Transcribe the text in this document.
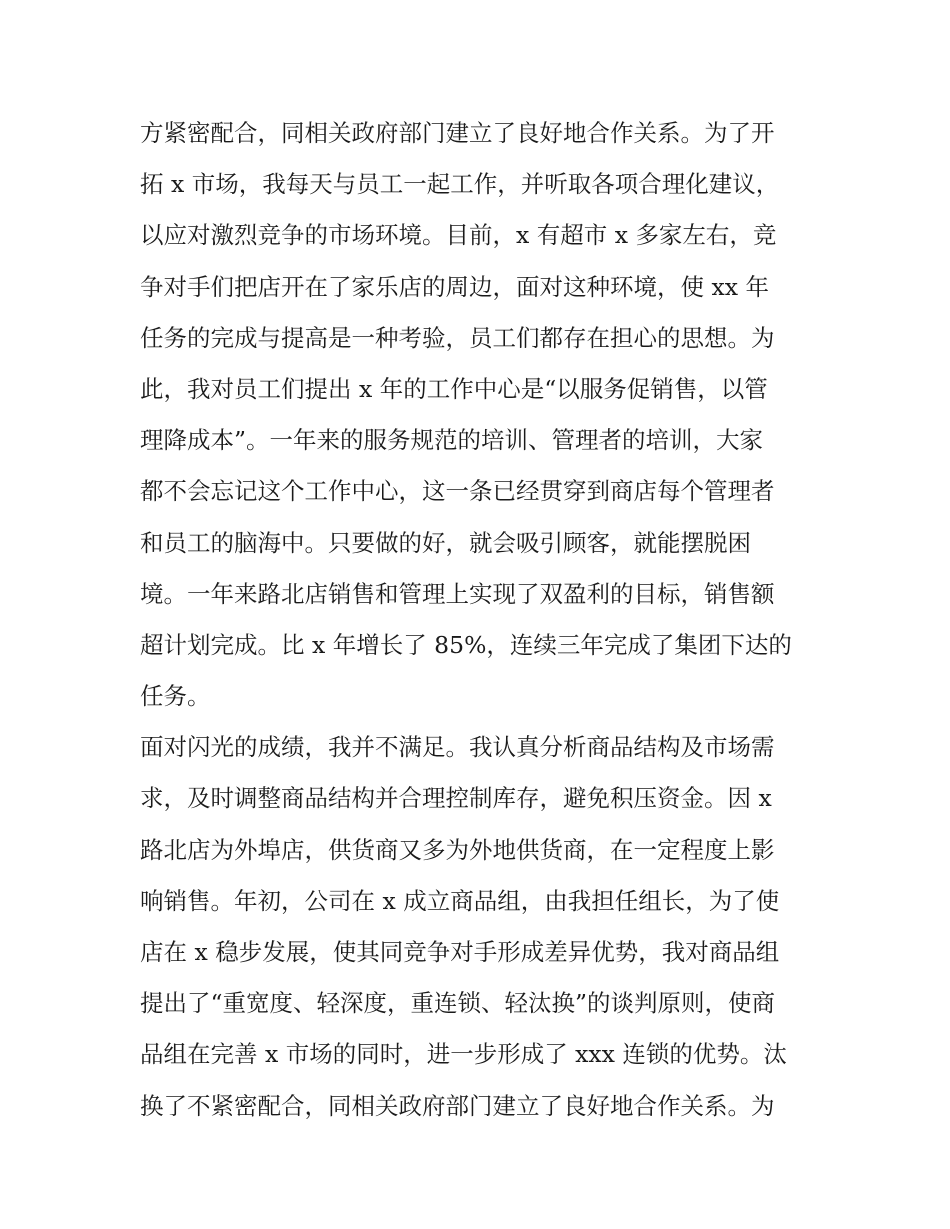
方紧密配合，同相关政府部门建立了良好地合作关系。为了开
拓 x 市场，我每天与员工一起工作，并听取各项合理化建议，
以应对激烈竞争的市场环境。目前，x 有超市 x 多家左右，竞
争对手们把店开在了家乐店的周边，面对这种环境，使 xx 年
任务的完成与提高是一种考验，员工们都存在担心的思想。为
此，我对员工们提出 x 年的工作中心是“以服务促销售，以管
理降成本”。一年来的服务规范的培训、管理者的培训，大家
都不会忘记这个工作中心，这一条已经贯穿到商店每个管理者
和员工的脑海中。只要做的好，就会吸引顾客，就能摆脱困
境。一年来路北店销售和管理上实现了双盈利的目标，销售额
超计划完成。比 x 年增长了 85%，连续三年完成了集团下达的
任务。
面对闪光的成绩，我并不满足。我认真分析商品结构及市场需
求，及时调整商品结构并合理控制库存，避免积压资金。因 x
路北店为外埠店，供货商又多为外地供货商，在一定程度上影
响销售。年初，公司在 x 成立商品组，由我担任组长，为了使
店在 x 稳步发展，使其同竞争对手形成差异优势，我对商品组
提出了“重宽度、轻深度，重连锁、轻汰换”的谈判原则，使商
品组在完善 x 市场的同时，进一步形成了 xxx 连锁的优势。汰
换了不紧密配合，同相关政府部门建立了良好地合作关系。为
